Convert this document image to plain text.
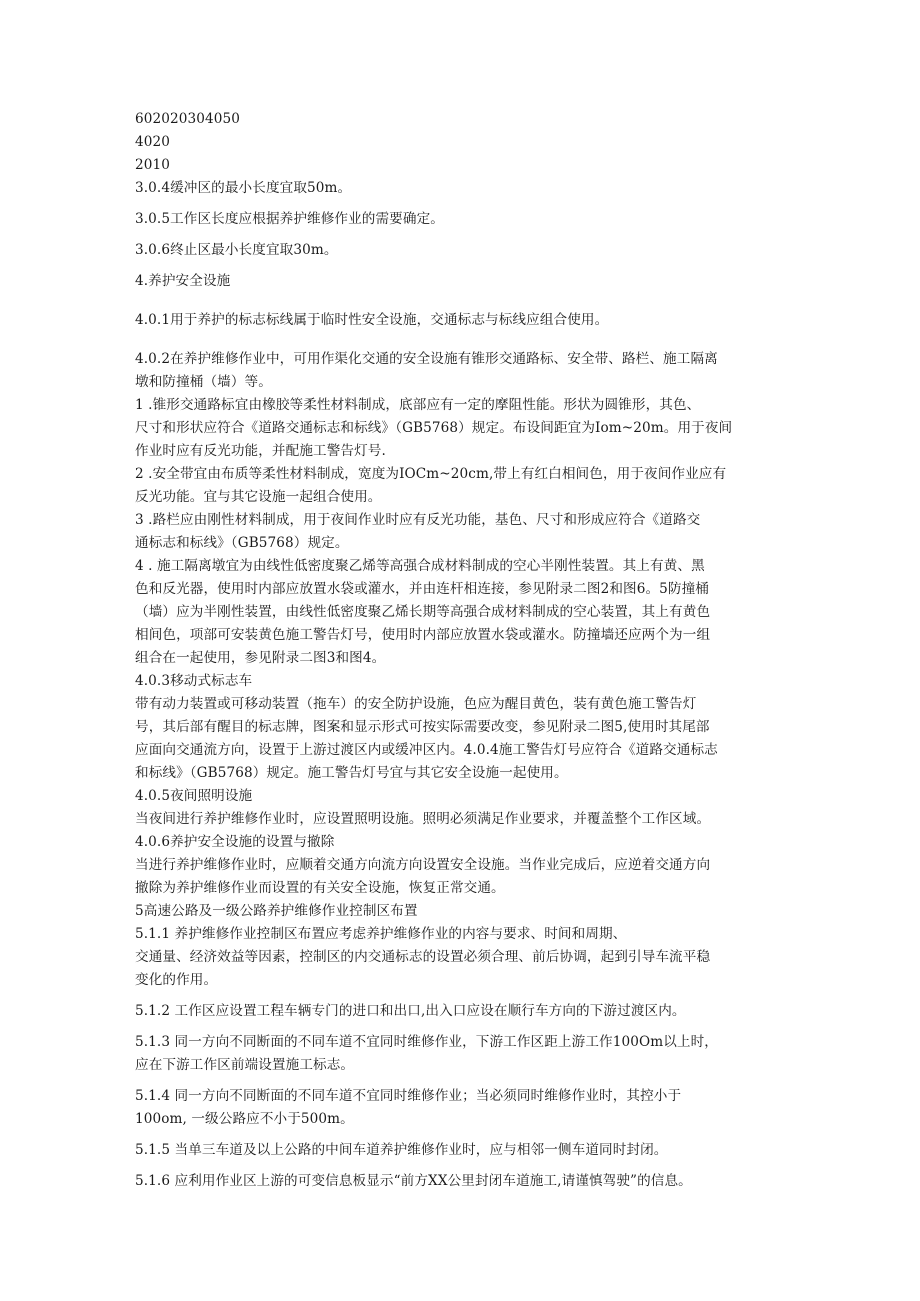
602020304050
4020
2010
3.0.4缓冲区的最小长度宜取50m。
3.0.5工作区长度应根据养护维修作业的需要确定。
3.0.6终止区最小长度宜取30m。
4.养护安全设施
4.0.1用于养护的标志标线属于临时性安全设施，交通标志与标线应组合使用。
4.0.2在养护维修作业中，可用作渠化交通的安全设施有锥形交通路标、安全带、路栏、施工隔离
墩和防撞桶（墙）等。
1 .锥形交通路标宜由橡胶等柔性材料制成，底部应有一定的摩阻性能。形状为圆锥形，其色、
尺寸和形状应符合《道路交通标志和标线》（GB5768）规定。布设间距宜为Iom~20m。用于夜间
作业时应有反光功能，并配施工警告灯号.
2 .安全带宜由布质等柔性材料制成，宽度为IOCm~20cm,带上有红白相间色，用于夜间作业应有
反光功能。宜与其它设施一起组合使用。
3 .路栏应由刚性材料制成，用于夜间作业时应有反光功能，基色、尺寸和形成应符合《道路交
通标志和标线》（GB5768）规定。
4 . 施工隔离墩宜为由线性低密度聚乙烯等高强合成材料制成的空心半刚性装置。其上有黄、黑
色和反光器，使用时内部应放置水袋或灌水，并由连杆相连接，参见附录二图2和图6。5防撞桶
（墙）应为半刚性装置，由线性低密度聚乙烯长期等高强合成材料制成的空心装置，其上有黄色
相间色，项部可安装黄色施工警告灯号，使用时内部应放置水袋或灌水。防撞墙还应两个为一组
组合在一起使用，参见附录二图3和图4。
4.0.3移动式标志车
带有动力装置或可移动装置（拖车）的安全防护设施，色应为醒目黄色，装有黄色施工警告灯
号，其后部有醒目的标志牌，图案和显示形式可按实际需要改变，参见附录二图5,使用时其尾部
应面向交通流方向，设置于上游过渡区内或缓冲区内。4.0.4施工警告灯号应符合《道路交通标志
和标线》（GB5768）规定。施工警告灯号宜与其它安全设施一起使用。
4.0.5夜间照明设施
当夜间进行养护维修作业时，应设置照明设施。照明必须满足作业要求，并覆盖整个工作区域。
4.0.6养护安全设施的设置与撤除
当进行养护维修作业时，应顺着交通方向流方向设置安全设施。当作业完成后，应逆着交通方向
撤除为养护维修作业而设置的有关安全设施，恢复正常交通。
5高速公路及一级公路养护维修作业控制区布置
5.1.1 养护维修作业控制区布置应考虑养护维修作业的内容与要求、时间和周期、
交通量、经济效益等因素，控制区的内交通标志的设置必须合理、前后协调，起到引导车流平稳
变化的作用。
5.1.2 工作区应设置工程车辆专门的进口和出口,出入口应设在顺行车方向的下游过渡区内。
5.1.3 同一方向不同断面的不同车道不宜同时维修作业，下游工作区距上游工作100Om以上时，
应在下游工作区前端设置施工标志。
5.1.4 同一方向不同断面的不同车道不宜同时维修作业；当必须同时维修作业时，其控小于
100om, 一级公路应不小于500m。
5.1.5 当单三车道及以上公路的中间车道养护维修作业时，应与相邻一侧车道同时封闭。
5.1.6 应利用作业区上游的可变信息板显示“前方XX公里封闭车道施工,请谨慎驾驶”的信息。
